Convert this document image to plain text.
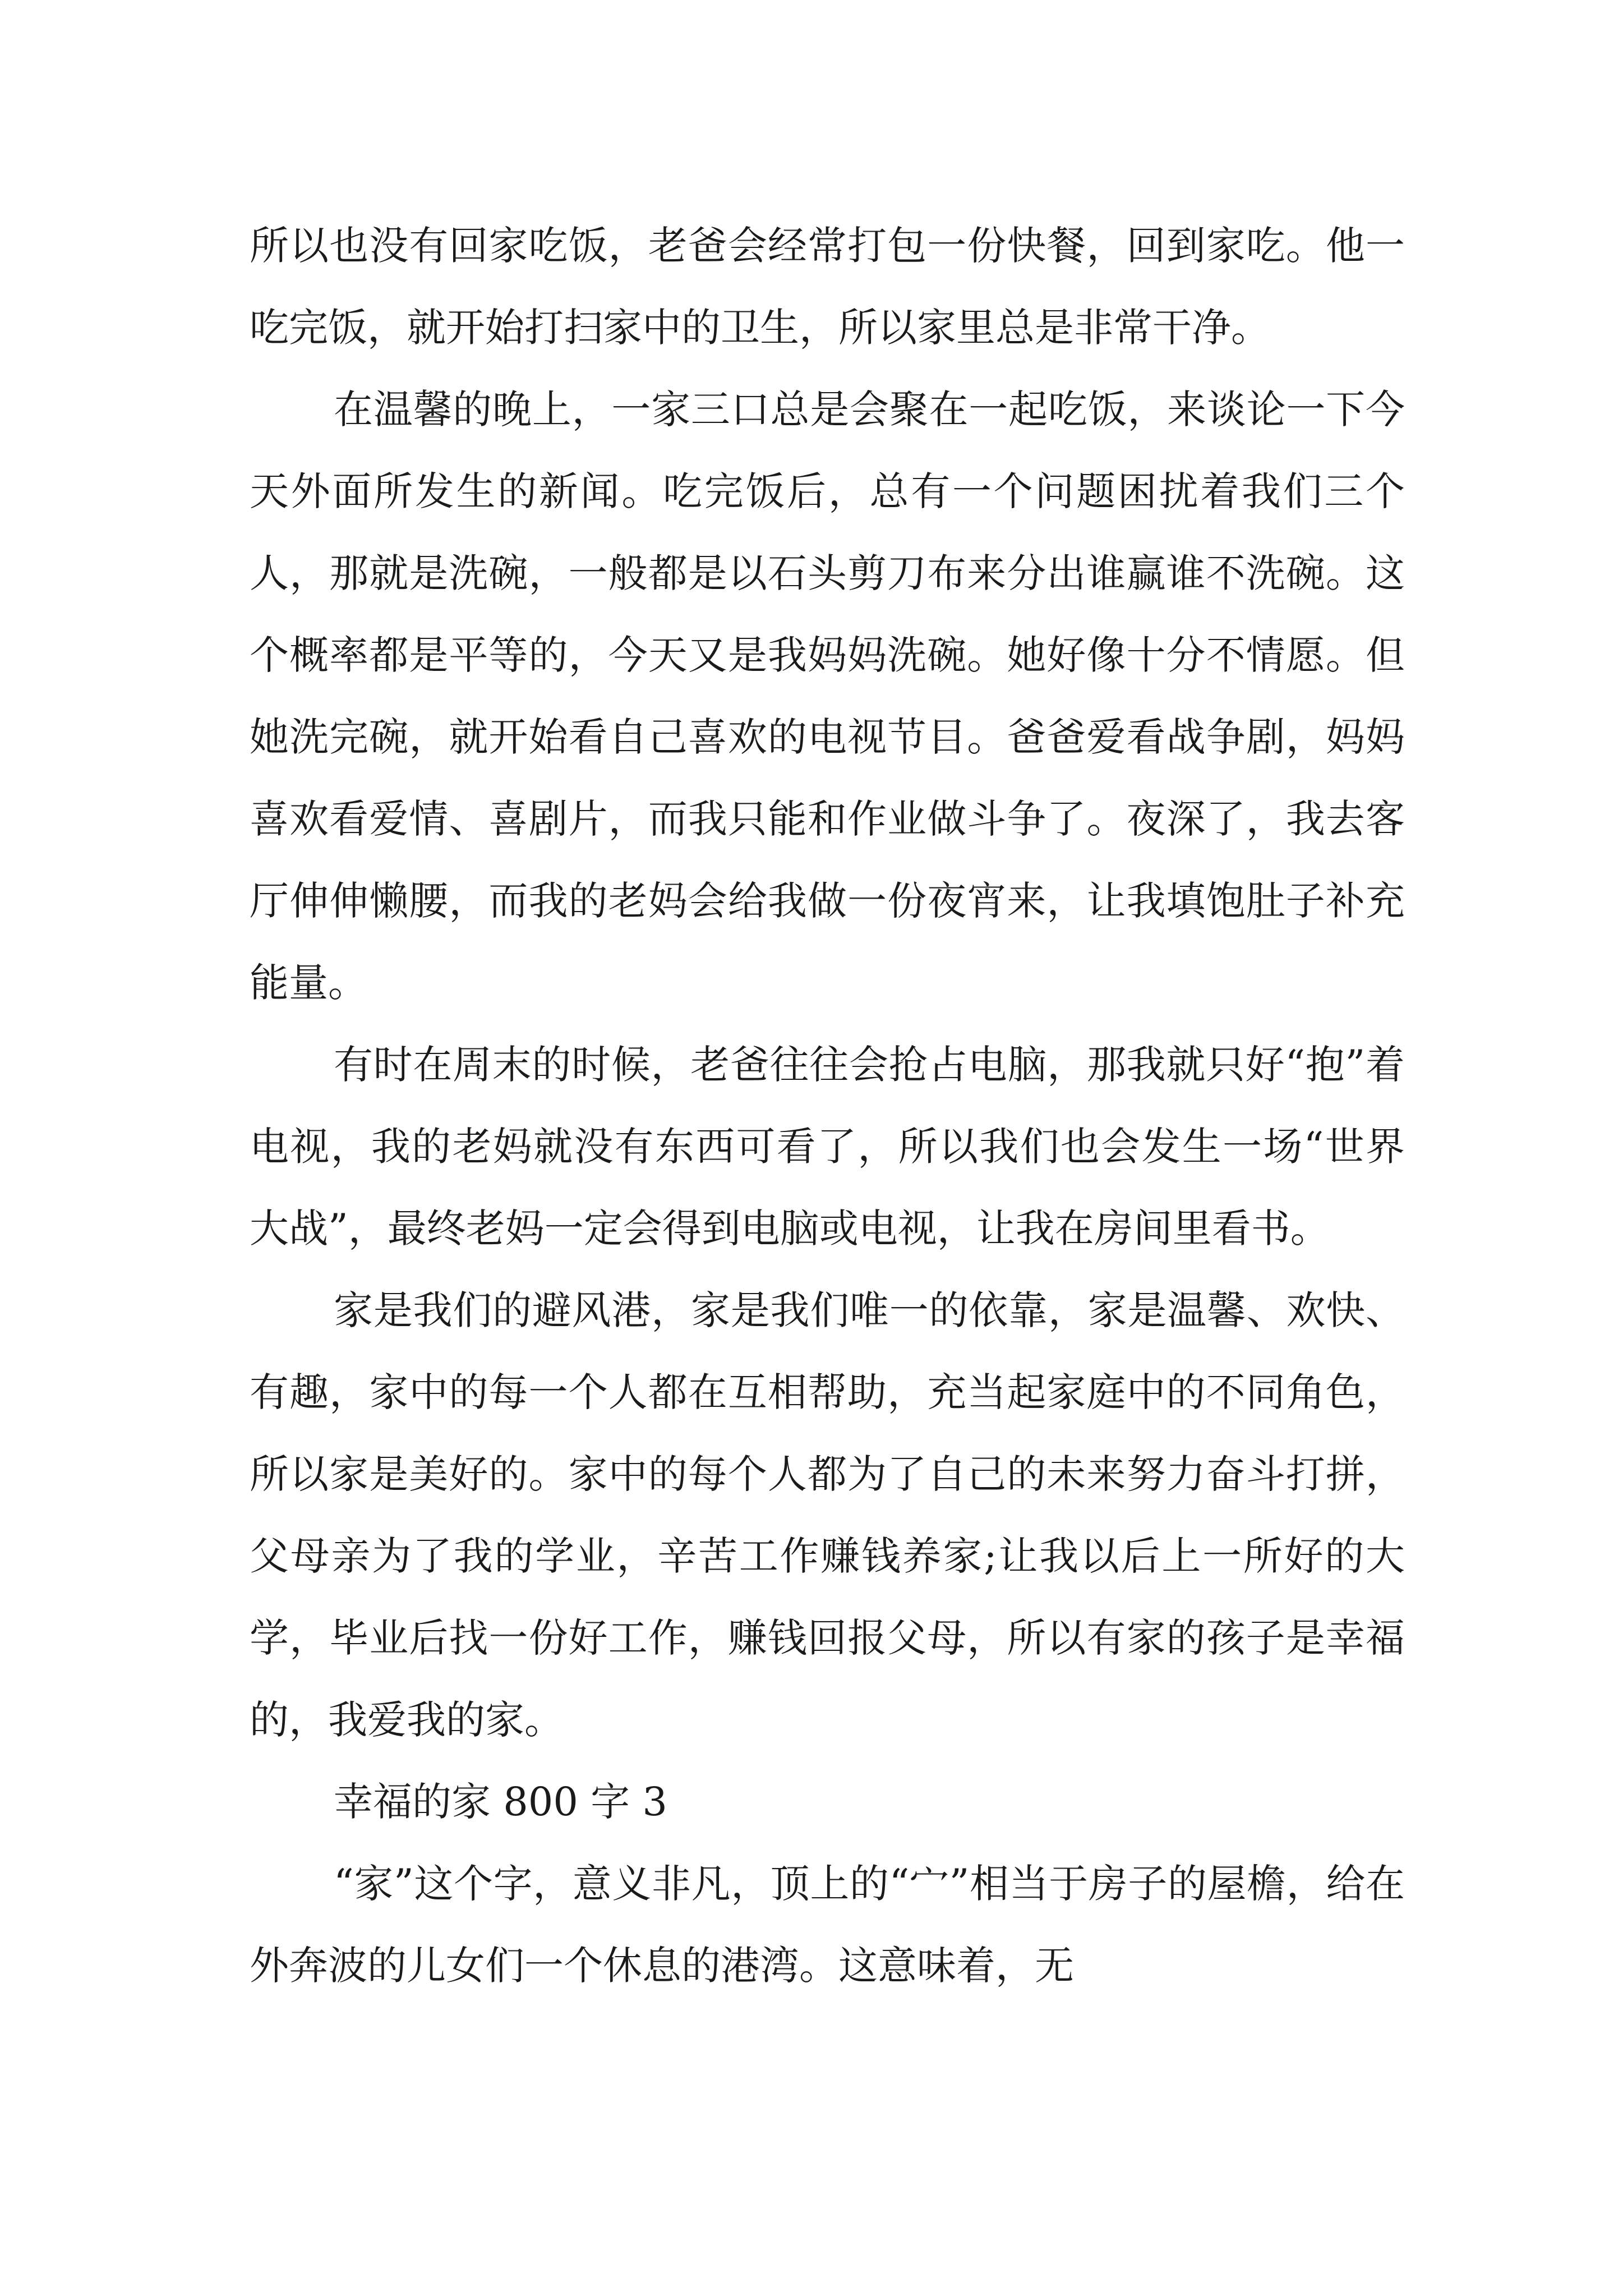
所以也没有回家吃饭，老爸会经常打包一份快餐，回到家吃。他一吃完饭，就开始打扫家中的卫生，所以家里总是非常干净。

在温馨的晚上，一家三口总是会聚在一起吃饭，来谈论一下今天外面所发生的新闻。吃完饭后，总有一个问题困扰着我们三个人，那就是洗碗，一般都是以石头剪刀布来分出谁赢谁不洗碗。这个概率都是平等的，今天又是我妈妈洗碗。她好像十分不情愿。但她洗完碗，就开始看自己喜欢的电视节目。爸爸爱看战争剧，妈妈喜欢看爱情、喜剧片，而我只能和作业做斗争了。夜深了，我去客厅伸伸懒腰，而我的老妈会给我做一份夜宵来，让我填饱肚子补充能量。

有时在周末的时候，老爸往往会抢占电脑，那我就只好“抱”着电视，我的老妈就没有东西可看了，所以我们也会发生一场“世界大战”，最终老妈一定会得到电脑或电视，让我在房间里看书。

家是我们的避风港，家是我们唯一的依靠，家是温馨、欢快、有趣，家中的每一个人都在互相帮助，充当起家庭中的不同角色，所以家是美好的。家中的每个人都为了自己的未来努力奋斗打拼，父母亲为了我的学业，辛苦工作赚钱养家;让我以后上一所好的大学，毕业后找一份好工作，赚钱回报父母，所以有家的孩子是幸福的，我爱我的家。

幸福的家 800 字 3

“家”这个字，意义非凡，顶上的“宀”相当于房子的屋檐，给在外奔波的儿女们一个休息的港湾。这意味着，无
